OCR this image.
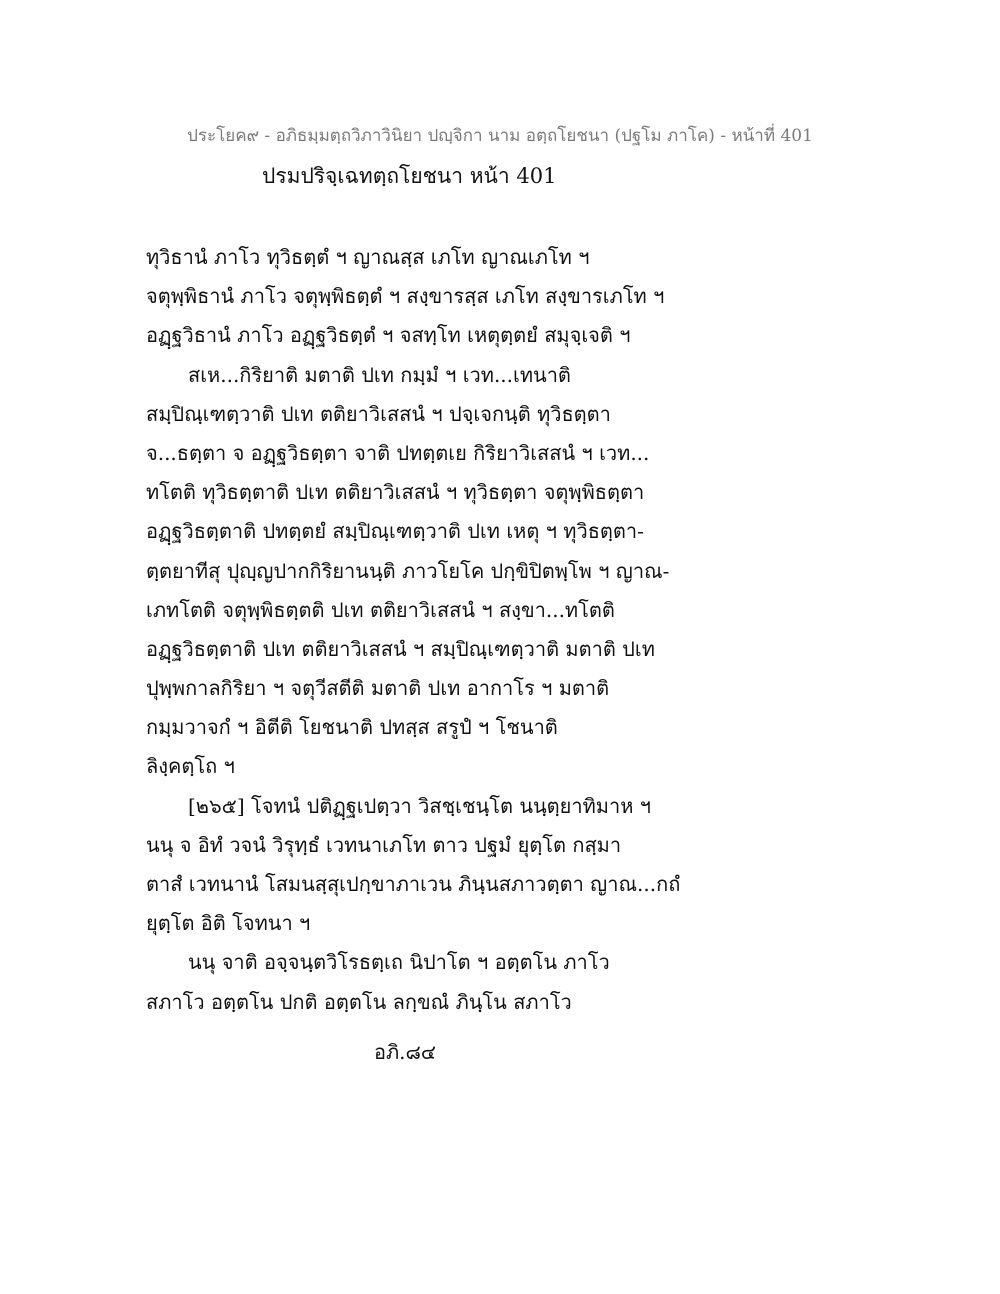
ประโยค๙ - อภิธมฺมตฺถวิภาวินิยา ปญฺจิกา นาม อตฺถโยชนา (ปฐโม ภาโค) - หน้าที่ 401
ปรมปริจฺเฉทตฺถโยชนา หน้า 401
ทุวิธานํ ภาโว ทุวิธตฺตํ ฯ ญาณสฺส เภโท ญาณเภโท ฯ
จตุพฺพิธานํ ภาโว จตุพฺพิธตฺตํ ฯ สงฺขารสฺส เภโท สงฺขารเภโท ฯ
อฏฺฐวิธานํ ภาโว อฏฺฐวิธตฺตํ ฯ จสทฺโท เหตุตฺตยํ สมุจฺเจติ ฯ
สเห...กิริยาติ มตาติ ปเท กมฺมํ ฯ เวท...เทนาติ
สมฺปิณฺเฑตฺวาติ ปเท ตติยาวิเสสนํ ฯ ปจฺเจกนฺติ ทุวิธตฺตา
จ...ธตฺตา จ อฏฺฐวิธตฺตา จาติ ปทตฺตเย กิริยาวิเสสนํ ฯ เวท...
ทโตติ ทุวิธตฺตาติ ปเท ตติยาวิเสสนํ ฯ ทุวิธตฺตา จตุพฺพิธตฺตา
อฏฺฐวิธตฺตาติ ปทตฺตยํ สมฺปิณฺเฑตฺวาติ ปเท เหตุ ฯ ทุวิธตฺตา-
ตฺตยาทีสุ ปุญฺญปากกิริยานนฺติ ภาวโยโค ปกฺขิปิตพฺโพ ฯ ญาณ-
เภทโตติ จตุพฺพิธตฺตติ ปเท ตติยาวิเสสนํ ฯ สงฺขา...ทโตติ
อฏฺฐวิธตฺตาติ ปเท ตติยาวิเสสนํ ฯ สมฺปิณฺเฑตฺวาติ มตาติ ปเท
ปุพฺพกาลกิริยา ฯ จตุวีสตีติ มตาติ ปเท อากาโร ฯ มตาติ
กมฺมวาจกํ ฯ อิตีติ โยชนาติ ปทสฺส สรูปํ ฯ โชนาติ
ลิงฺคตฺโถ ฯ
[๒๖๕] โจทนํ ปติฏฺฐเปตฺวา วิสชฺเชนฺโต นนฺตฺยาทิมาห ฯ
นนุ จ อิทํ วจนํ วิรุทฺธํ เวทนาเภโท ตาว ปฐมํ ยุตฺโต กสฺมา
ตาสํ เวทนานํ โสมนสฺสุเปกฺขาภาเวน ภินฺนสภาวตฺตา ญาณ...กถํ
ยุตฺโต อิติ โจทนา ฯ
นนุ จาติ อจฺจนฺตวิโรธตฺเถ นิปาโต ฯ อตฺตโน ภาโว
สภาโว อตฺตโน ปกติ อตฺตโน ลกฺขณํ ภินฺโน สภาโว
อภิ.๘๔
